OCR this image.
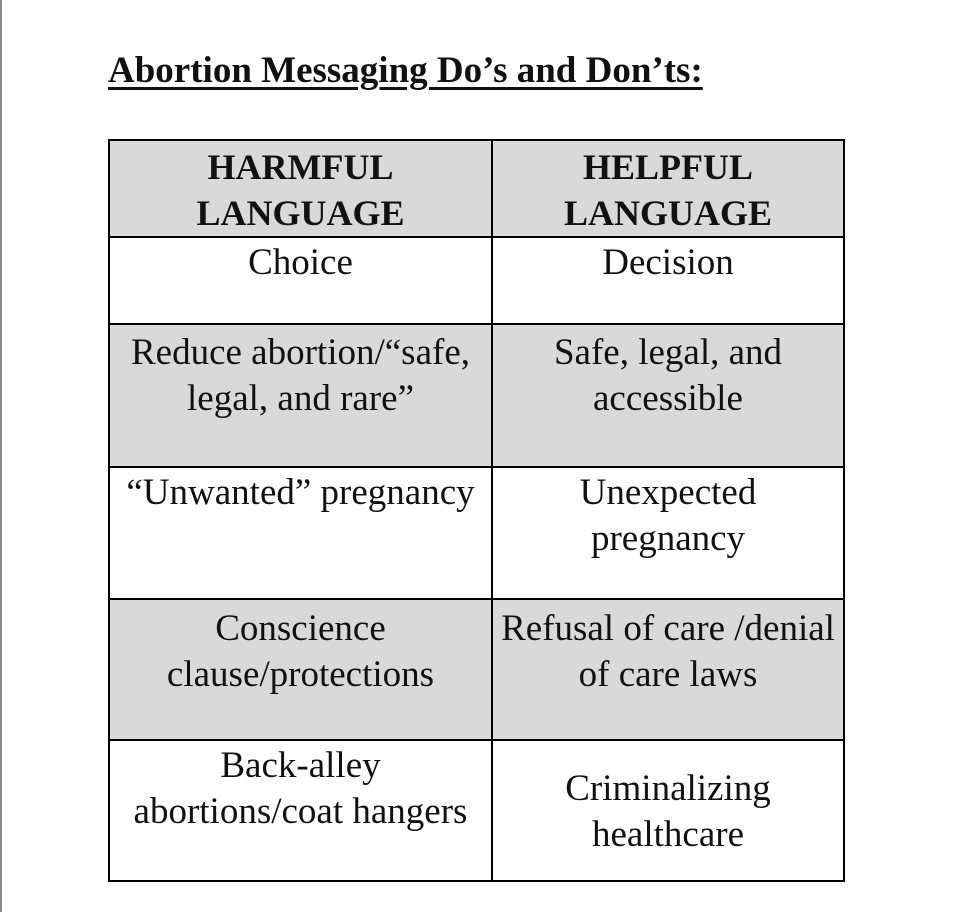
Abortion Messaging Do’s and Don’ts:
HARMFUL LANGUAGE	HELPFUL LANGUAGE
Choice	Decision
Reduce abortion/“safe, legal, and rare”	Safe, legal, and accessible
“Unwanted” pregnancy	Unexpected pregnancy
Conscience clause/protections	Refusal of care /denial of care laws
Back-alley abortions/coat hangers	Criminalizing healthcare
